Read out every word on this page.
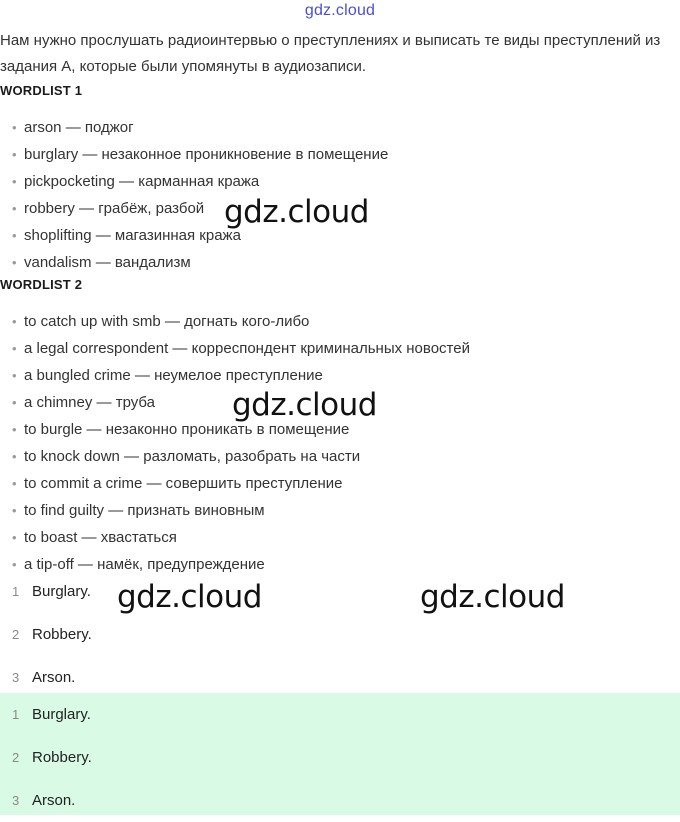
gdz.cloud
Нам нужно прослушать радиоинтервью о преступлениях и выписать те виды преступлений из задания А, которые были упомянуты в аудиозаписи.
WORDLIST 1
• arson — поджог
• burglary — незаконное проникновение в помещение
• pickpocketing — карманная кража
• robbery — грабёж, разбой
• shoplifting — магазинная кража
• vandalism — вандализм
WORDLIST 2
• to catch up with smb — догнать кого-либо
• a legal correspondent — корреспондент криминальных новостей
• a bungled crime — неумелое преступление
• a chimney — труба
• to burgle — незаконно проникать в помещение
• to knock down — разломать, разобрать на части
• to commit a crime — совершить преступление
• to find guilty — признать виновным
• to boast — хвастаться
• a tip-off — намёк, предупреждение
1 Burglary.
2 Robbery.
3 Arson.
1 Burglary.
2 Robbery.
3 Arson.
gdz.cloud
gdz.cloud
gdz.cloud	gdz.cloud
